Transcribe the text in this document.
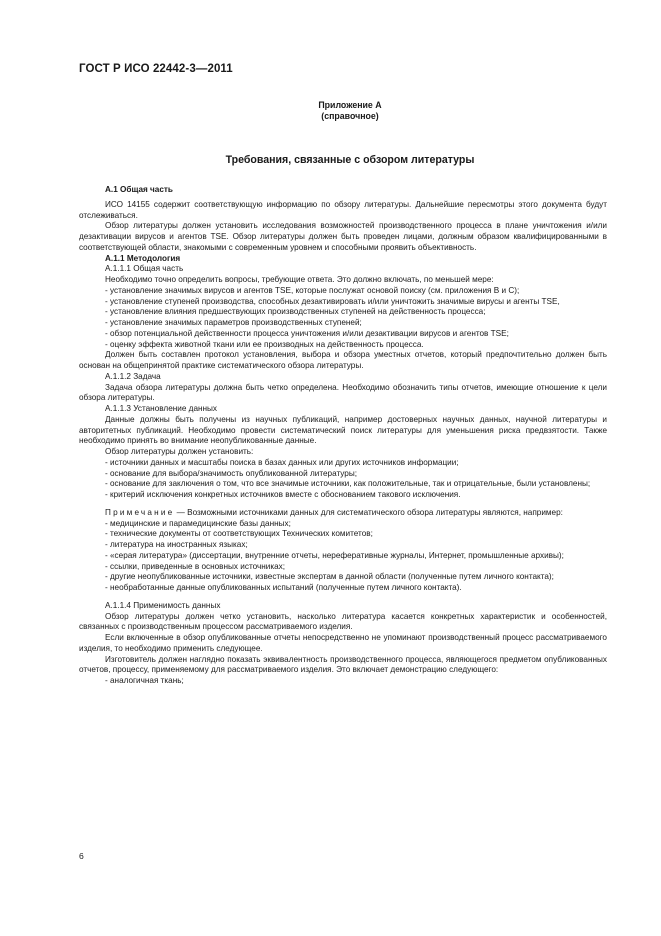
ГОСТ Р ИСО 22442-3—2011
Приложение А
(справочное)
Требования, связанные с обзором литературы

А.1 Общая часть

ИСО 14155 содержит соответствующую информацию по обзору литературы. Дальнейшие пересмотры этого документа будут отслеживаться.

Обзор литературы должен установить исследования возможностей производственного процесса в плане уничтожения и/или дезактивации вирусов и агентов TSE. Обзор литературы должен быть проведен лицами, должным образом квалифицированными в соответствующей области, знакомыми с современным уровнем и способными проявить объективность.

А.1.1 Методология

А.1.1.1 Общая часть

Необходимо точно определить вопросы, требующие ответа. Это должно включать, по меньшей мере:

- установление значимых вирусов и агентов TSE, которые послужат основой поиску (см. приложения В и С);

- установление ступеней производства, способных дезактивировать и/или уничтожить значимые вирусы и агенты TSE,

- установление влияния предшествующих производственных ступеней на действенность процесса;

- установление значимых параметров производственных ступеней;

- обзор потенциальной действенности процесса уничтожения и/или дезактивации вирусов и агентов TSE;

- оценку эффекта животной ткани или ее производных на действенность процесса.

Должен быть составлен протокол установления, выбора и обзора уместных отчетов, который предпочтительно должен быть основан на общепринятой практике систематического обзора литературы.

А.1.1.2 Задача

Задача обзора литературы должна быть четко определена. Необходимо обозначить типы отчетов, имеющие отношение к цели обзора литературы.

А.1.1.3 Установление данных

Данные должны быть получены из научных публикаций, например достоверных научных данных, научной литературы и авторитетных публикаций. Необходимо провести систематический поиск литературы для уменьшения риска предвзятости. Также необходимо принять во внимание неопубликованные данные.

Обзор литературы должен установить:

- источники данных и масштабы поиска в базах данных или других источников информации;

- основание для выбора/значимость опубликованной литературы;

- основание для заключения о том, что все значимые источники, как положительные, так и отрицательные, были установлены;

- критерий исключения конкретных источников вместе с обоснованием такового исключения.

Примечание — Возможными источниками данных для систематического обзора литературы являются, например:

- медицинские и парамедицинские базы данных;

- технические документы от соответствующих Технических комитетов;

- литература на иностранных языках;

- «серая литература» (диссертации, внутренние отчеты, нереферативные журналы, Интернет, промышленные архивы);

- ссылки, приведенные в основных источниках;

- другие неопубликованные источники, известные экспертам в данной области (полученные путем личного контакта);

- необработанные данные опубликованных испытаний (полученные путем личного контакта).

А.1.1.4 Применимость данных

Обзор литературы должен четко установить, насколько литература касается конкретных характеристик и особенностей, связанных с производственным процессом рассматриваемого изделия.

Если включенные в обзор опубликованные отчеты непосредственно не упоминают производственный процесс рассматриваемого изделия, то необходимо применить следующее.

Изготовитель должен наглядно показать эквивалентность производственного процесса, являющегося предметом опубликованных отчетов, процессу, применяемому для рассматриваемого изделия. Это включает демонстрацию следующего:

- аналогичная ткань;

6
